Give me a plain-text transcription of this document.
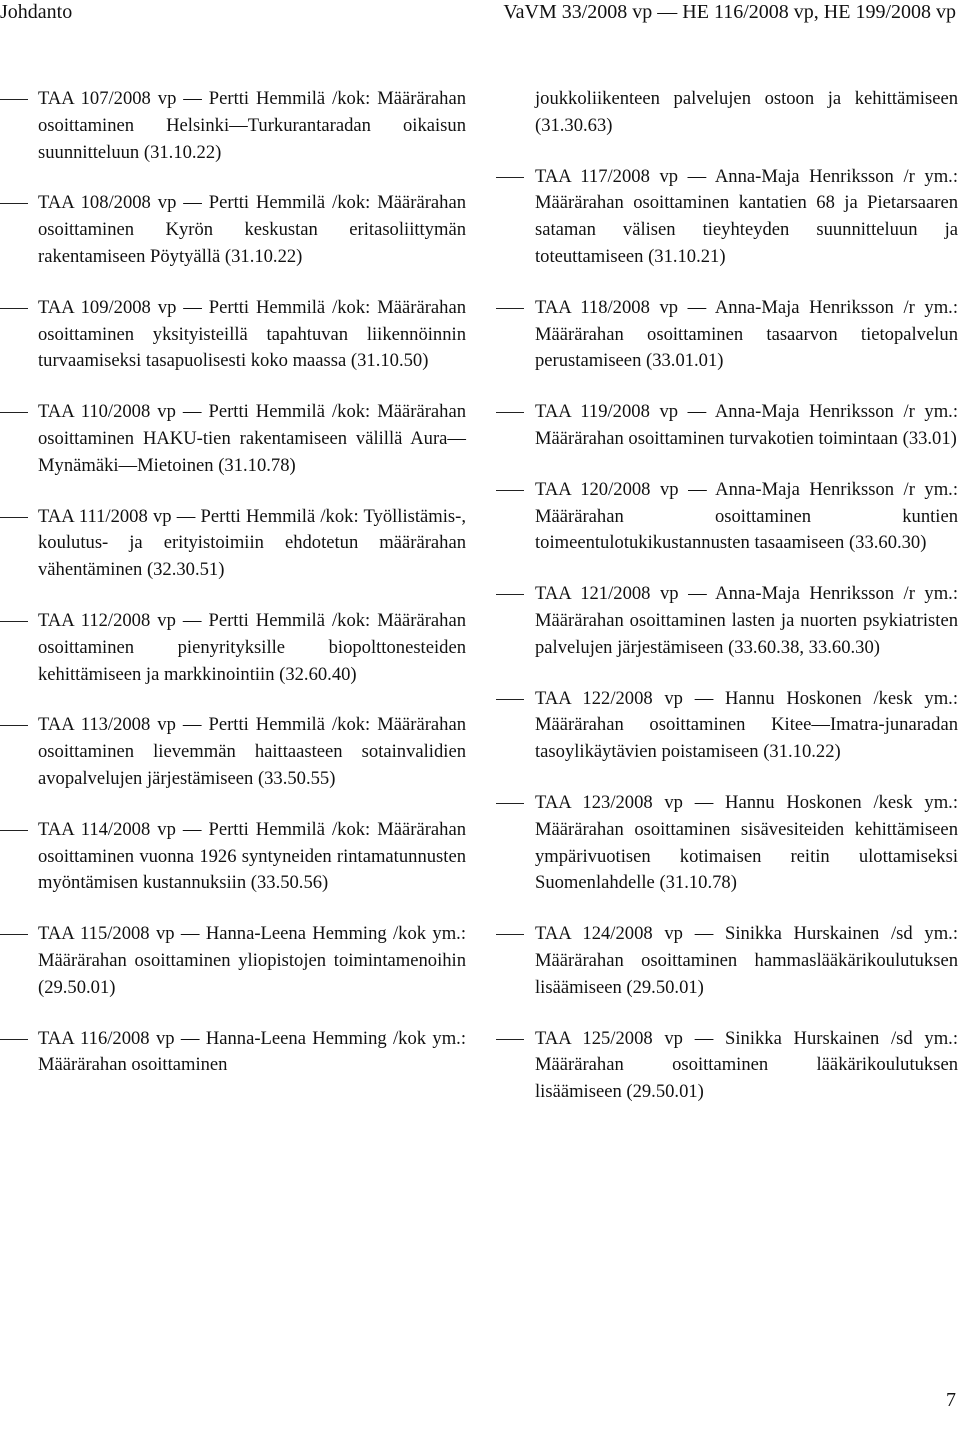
Johdanto	VaVM 33/2008 vp — HE 116/2008 vp, HE 199/2008 vp
TAA 107/2008 vp — Pertti Hemmilä /kok: Määrärahan osoittaminen Helsinki—Turkurantaradan oikaisun suunnitteluun (31.10.22)
TAA 108/2008 vp — Pertti Hemmilä /kok: Määrärahan osoittaminen Kyrön keskustan eritasoliittymän rakentamiseen Pöytyällä (31.10.22)
TAA 109/2008 vp — Pertti Hemmilä /kok: Määrärahan osoittaminen yksityisteillä tapahtuvan liikennöinnin turvaamiseksi tasapuolisesti koko maassa (31.10.50)
TAA 110/2008 vp — Pertti Hemmilä /kok: Määrärahan osoittaminen HAKU-tien rakentamiseen välillä Aura—Mynämäki—Mietoinen (31.10.78)
TAA 111/2008 vp — Pertti Hemmilä /kok: Työllistämis-, koulutus- ja erityistoimiin ehdotetun määrärahan vähentäminen (32.30.51)
TAA 112/2008 vp — Pertti Hemmilä /kok: Määrärahan osoittaminen pienyrityksille biopolttonesteiden kehittämiseen ja markkinointiin (32.60.40)
TAA 113/2008 vp — Pertti Hemmilä /kok: Määrärahan osoittaminen lievemmän haittaasteen sotainvalidien avopalvelujen järjestämiseen (33.50.55)
TAA 114/2008 vp — Pertti Hemmilä /kok: Määrärahan osoittaminen vuonna 1926 syntyneiden rintamatunnusten myöntämisen kustannuksiin (33.50.56)
TAA 115/2008 vp — Hanna-Leena Hemming /kok ym.: Määrärahan osoittaminen yliopistojen toimintamenoihin (29.50.01)
TAA 116/2008 vp — Hanna-Leena Hemming /kok ym.: Määrärahan osoittaminen
joukkoliikenteen palvelujen ostoon ja kehittämiseen (31.30.63)
TAA 117/2008 vp — Anna-Maja Henriksson /r ym.: Määrärahan osoittaminen kantatien 68 ja Pietarsaaren sataman välisen tieyhteyden suunnitteluun ja toteuttamiseen (31.10.21)
TAA 118/2008 vp — Anna-Maja Henriksson /r ym.: Määrärahan osoittaminen tasaarvon tietopalvelun perustamiseen (33.01.01)
TAA 119/2008 vp — Anna-Maja Henriksson /r ym.: Määrärahan osoittaminen turvakotien toimintaan (33.01)
TAA 120/2008 vp — Anna-Maja Henriksson /r ym.: Määrärahan osoittaminen kuntien toimeentulotukikustannusten tasaamiseen (33.60.30)
TAA 121/2008 vp — Anna-Maja Henriksson /r ym.: Määrärahan osoittaminen lasten ja nuorten psykiatristen palvelujen järjestämiseen (33.60.38, 33.60.30)
TAA 122/2008 vp — Hannu Hoskonen /kesk ym.: Määrärahan osoittaminen Kitee—Imatra-junaradan tasoylikäytävien poistamiseen (31.10.22)
TAA 123/2008 vp — Hannu Hoskonen /kesk ym.: Määrärahan osoittaminen sisävesiteiden kehittämiseen ympärivuotisen kotimaisen reitin ulottamiseksi Suomenlahdelle (31.10.78)
TAA 124/2008 vp — Sinikka Hurskainen /sd ym.: Määrärahan osoittaminen hammaslääkärikoulutuksen lisäämiseen (29.50.01)
TAA 125/2008 vp — Sinikka Hurskainen /sd ym.: Määrärahan osoittaminen lääkärikoulutuksen lisäämiseen (29.50.01)
7
